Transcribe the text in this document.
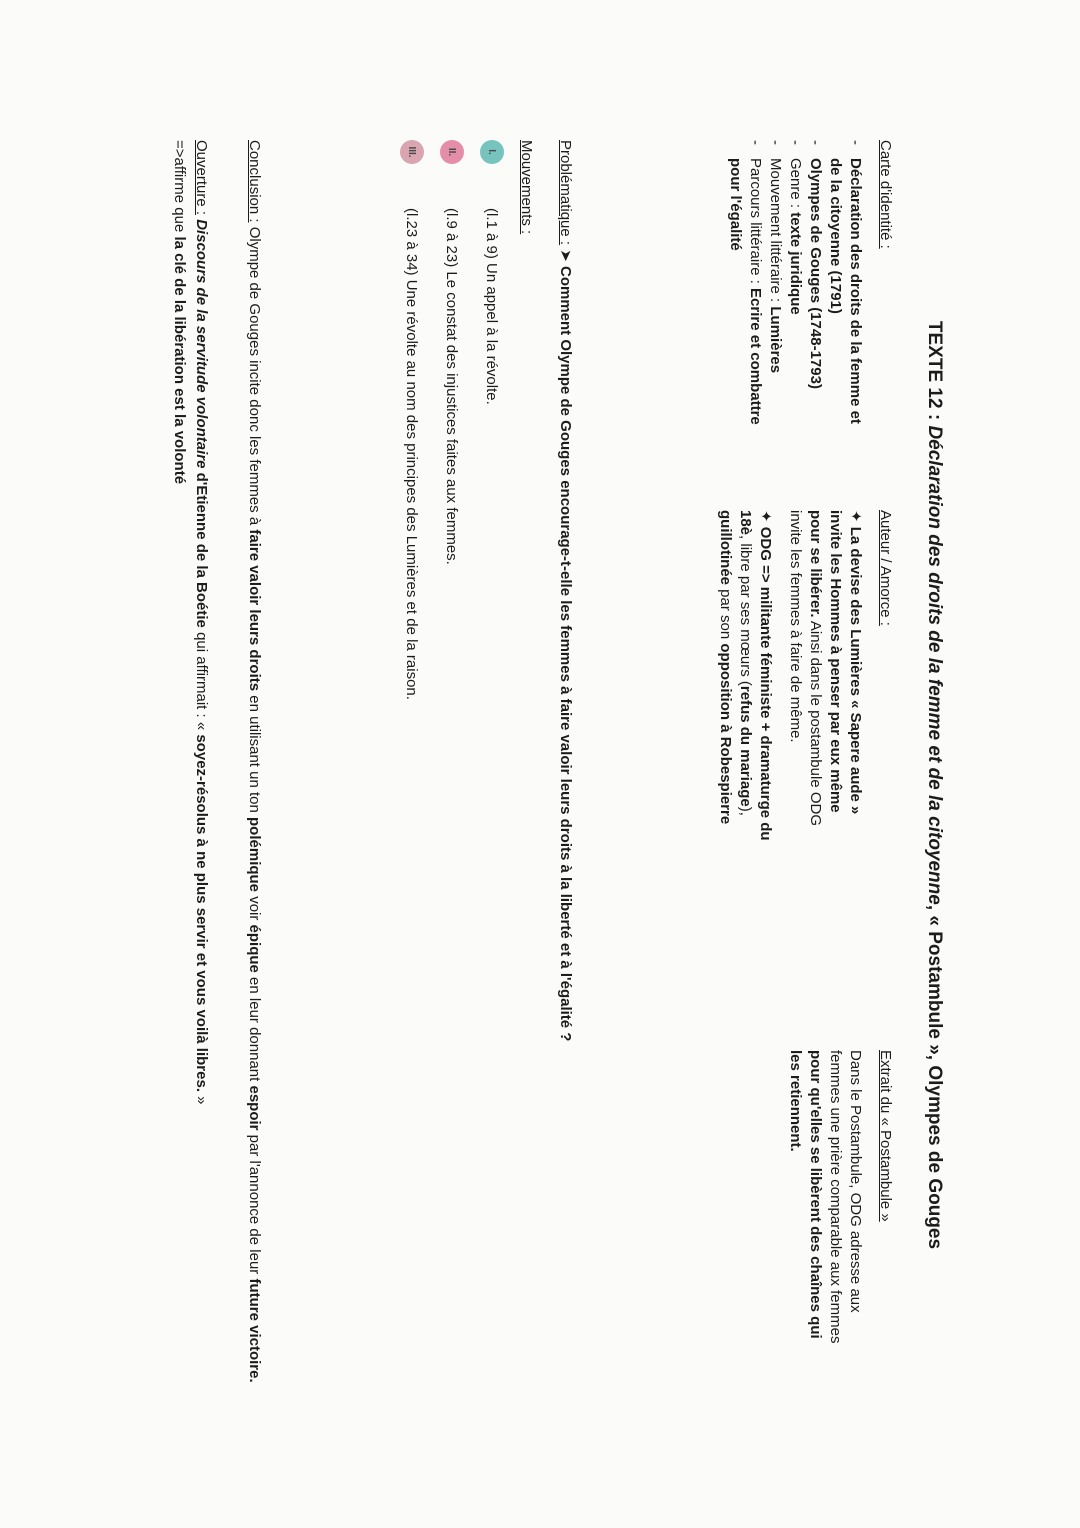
TEXTE 12 : Déclaration des droits de la femme et de la citoyenne, « Postambule », Olympes de Gouges
Carte d'identité :
- Déclaration des droits de la femme et de la citoyenne (1791)
- Olympes de Gouges (1748-1793)
- Genre : texte juridique
- Mouvement littéraire : Lumières
- Parcours littéraire : Ecrire et combattre pour l'égalité
Auteur / Amorce :
✦ La devise des Lumières « Sapere aude » invite les Hommes à penser par eux même pour se libérer. Ainsi dans le postambule ODG invite les femmes à faire de même.
✦ ODG => militante féministe + dramaturge du 18è, libre par ses mœurs (refus du mariage), guillotinée par son opposition à Robespierre
Extrait du « Postambule »
Dans le Postambule, ODG adresse aux femmes une prière comparable aux femmes pour qu'elles se libèrent des chaînes qui les retiennent.
Problématique : ➤ Comment Olympe de Gouges encourage-t-elle les femmes à faire valoir leurs droits à la liberté et à l'égalité ?
Mouvements :
I.
(l.1 à 9) Un appel à la révolte.
II.
(l.9 à 23) Le constat des injustices faites aux femmes.
III.
(l.23 à 34) Une révolte au nom des principes des Lumières et de la raison.
Conclusion : Olympe de Gouges incite donc les femmes à faire valoir leurs droits en utilisant un ton polémique voir épique en leur donnant espoir par l'annonce de leur future victoire.
Ouverture : Discours de la servitude volontaire d'Etienne de la Boétie qui affirmait : « soyez-résolus à ne plus servir et vous voilà libres. »
=>affirme que la clé de la libération est la volonté
